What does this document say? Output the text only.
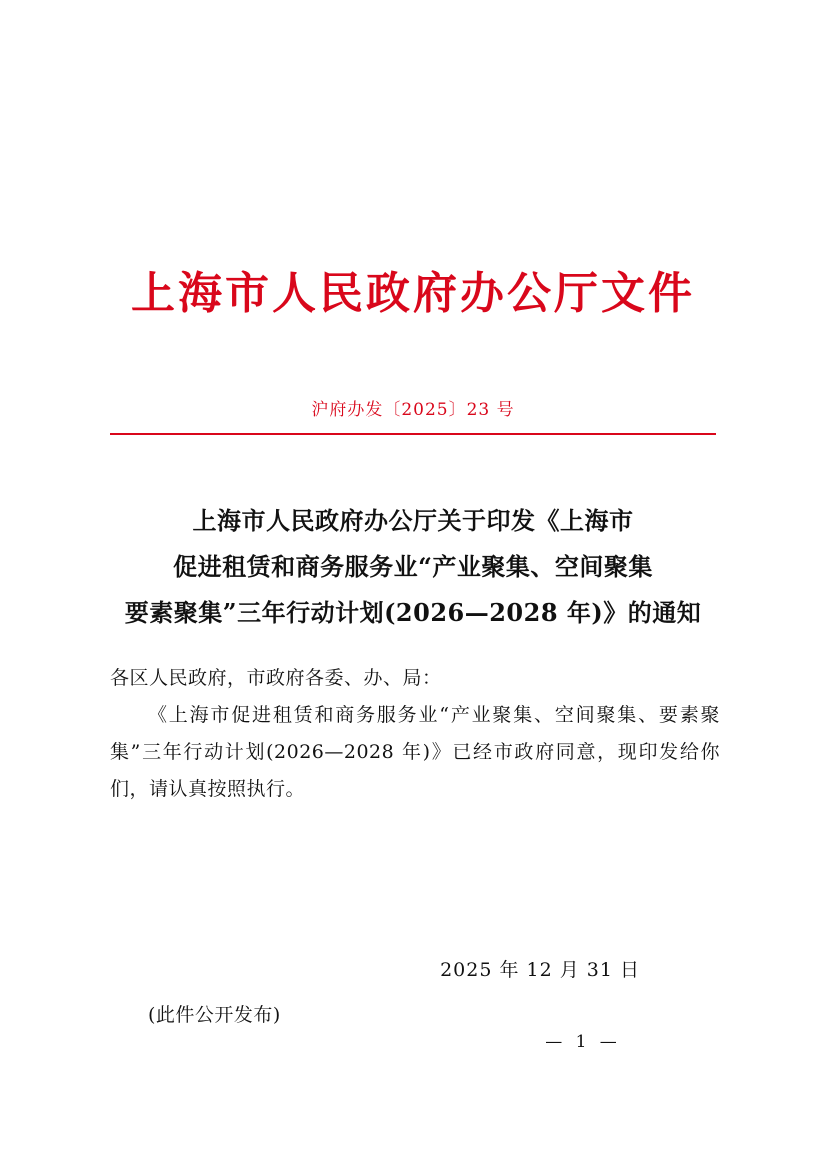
上海市人民政府办公厅文件
沪府办发〔2025〕23 号
上海市人民政府办公厅关于印发《上海市
促进租赁和商务服务业“产业聚集、空间聚集
要素聚集”三年行动计划(2026—2028 年)》的通知

各区人民政府，市政府各委、办、局：

《上海市促进租赁和商务服务业“产业聚集、空间聚集、要素聚集”三年行动计划(2026—2028 年)》已经市政府同意，现印发给你们，请认真按照执行。

2025 年 12 月 31 日
(此件公开发布)
— 1 —
